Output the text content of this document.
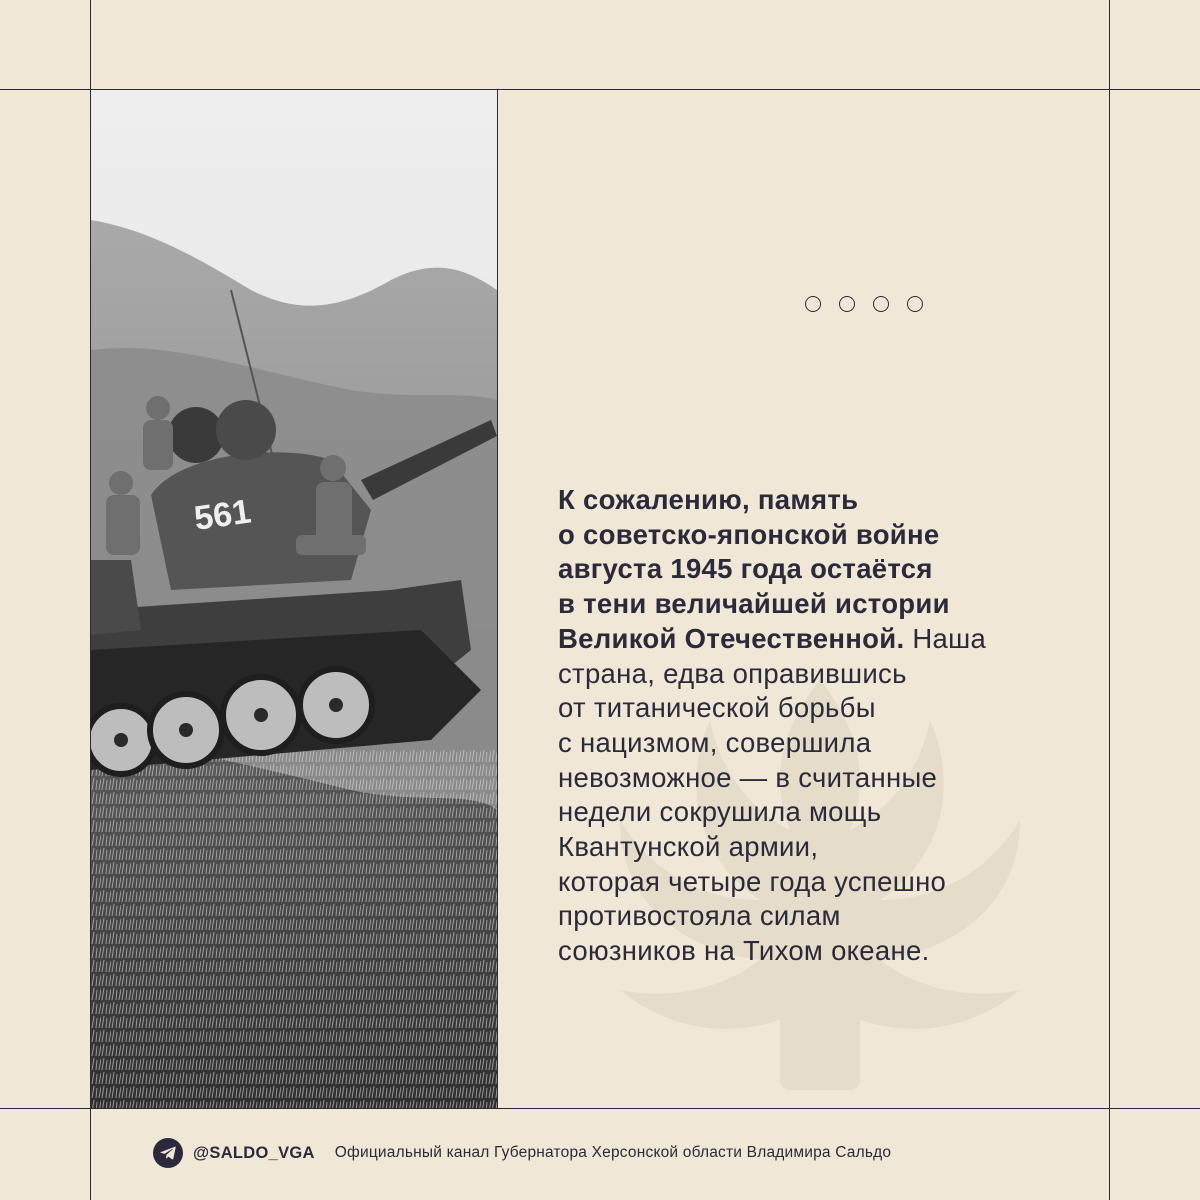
561	К сожалению, память
о советско-японской войне
августа 1945 года остаётся
в тени величайшей истории
Великой Отечественной. Наша
страна, едва оправившись
от титанической борьбы
с нацизмом, совершила
невозможное — в считанные
недели сокрушила мощь
Квантунской армии,
которая четыре года успешно
противостояла силам
союзников на Тихом океане.
@SALDO_VGA Официальный канал Губернатора Херсонской области Владимира Сальдо
